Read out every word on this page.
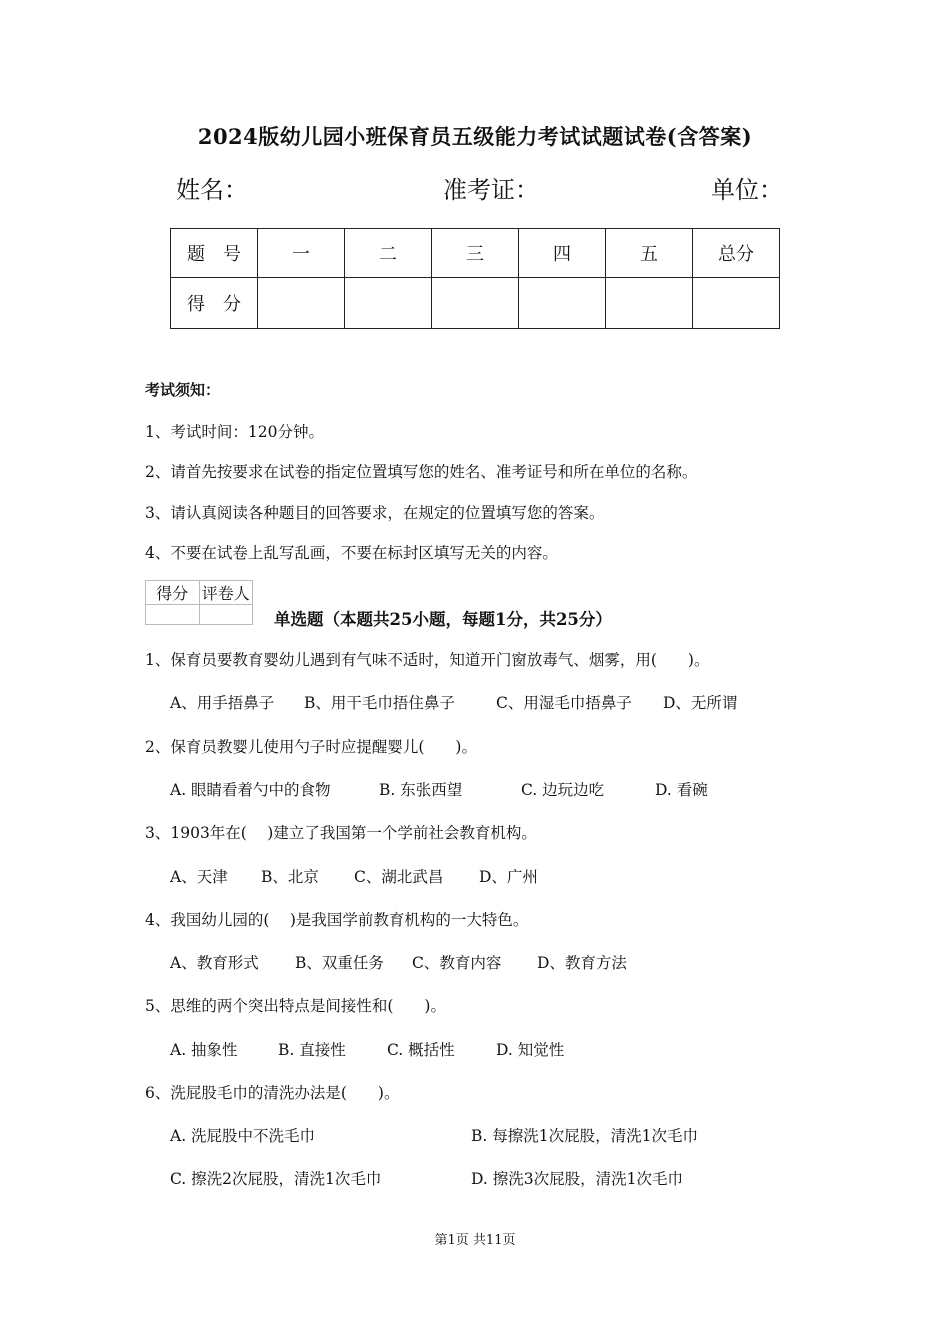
2024版幼儿园小班保育员五级能力考试试题试卷(含答案)
姓名：	准考证：	单位：
题　号	一	二	三	四	五	总分
得　分						
考试须知：
1、考试时间：120分钟。
2、请首先按要求在试卷的指定位置填写您的姓名、准考证号和所在单位的名称。
3、请认真阅读各种题目的回答要求，在规定的位置填写您的答案。
4、不要在试卷上乱写乱画，不要在标封区填写无关的内容。
得分	评卷人

单选题（本题共25小题，每题1分，共25分）
1、保育员要教育婴幼儿遇到有气味不适时，知道开门窗放毒气、烟雾，用(　　)。
A、用手捂鼻子 B、用干毛巾捂住鼻子	C、用湿毛巾捂鼻子 D、无所谓
2、保育员教婴儿使用勺子时应提醒婴儿(　　)。
A. 眼睛看着勺中的食物	B. 东张西望	C. 边玩边吃	D. 看碗
3、1903年在(　 )建立了我国第一个学前社会教育机构。
A、天津 B、北京 C、湖北武昌 D、广州
4、我国幼儿园的(　 )是我国学前教育机构的一大特色。
A、教育形式 B、双重任务 C、教育内容 D、教育方法
5、思维的两个突出特点是间接性和(　　)。
A. 抽象性	B. 直接性	C. 概括性	D. 知觉性
6、洗屁股毛巾的清洗办法是(　　)。
A. 洗屁股中不洗毛巾	B. 每擦洗1次屁股，清洗1次毛巾
C. 擦洗2次屁股，清洗1次毛巾	D. 擦洗3次屁股，清洗1次毛巾
第1页 共11页
